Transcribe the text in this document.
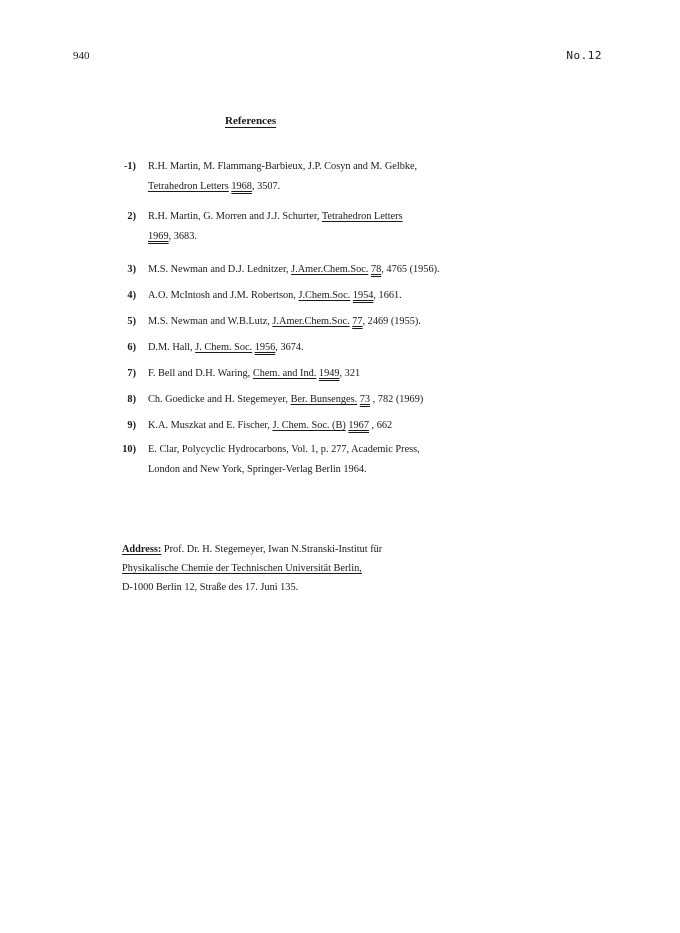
940	No.12
References
-1) R.H. Martin, M. Flammang-Barbieux, J.P. Cosyn and M. Gelbke,
Tetrahedron Letters 1968, 3507.
2) R.H. Martin, G. Morren and J.J. Schurter, Tetrahedron Letters
1969, 3683.
3) M.S. Newman and D.J. Lednitzer, J.Amer.Chem.Soc. 78, 4765 (1956).
4) A.O. McIntosh and J.M. Robertson, J.Chem.Soc. 1954, 1661.
5) M.S. Newman and W.B.Lutz, J.Amer.Chem.Soc. 77, 2469 (1955).
6) D.M. Hall, J. Chem. Soc. 1956, 3674.
7) F. Bell and D.H. Waring, Chem. and Ind. 1949, 321
8) Ch. Goedicke and H. Stegemeyer, Ber. Bunsenges. 73 , 782 (1969)
9) K.A. Muszkat and E. Fischer, J. Chem. Soc. (B) 1967 , 662
10) E. Clar, Polycyclic Hydrocarbons, Vol. 1, p. 277, Academic Press,
London and New York, Springer-Verlag Berlin 1964.
Address: Prof. Dr. H. Stegemeyer, Iwan N.Stranski-Institut für
Physikalische Chemie der Technischen Universität Berlin,
D-1000 Berlin 12, Straße des 17. Juni 135.
